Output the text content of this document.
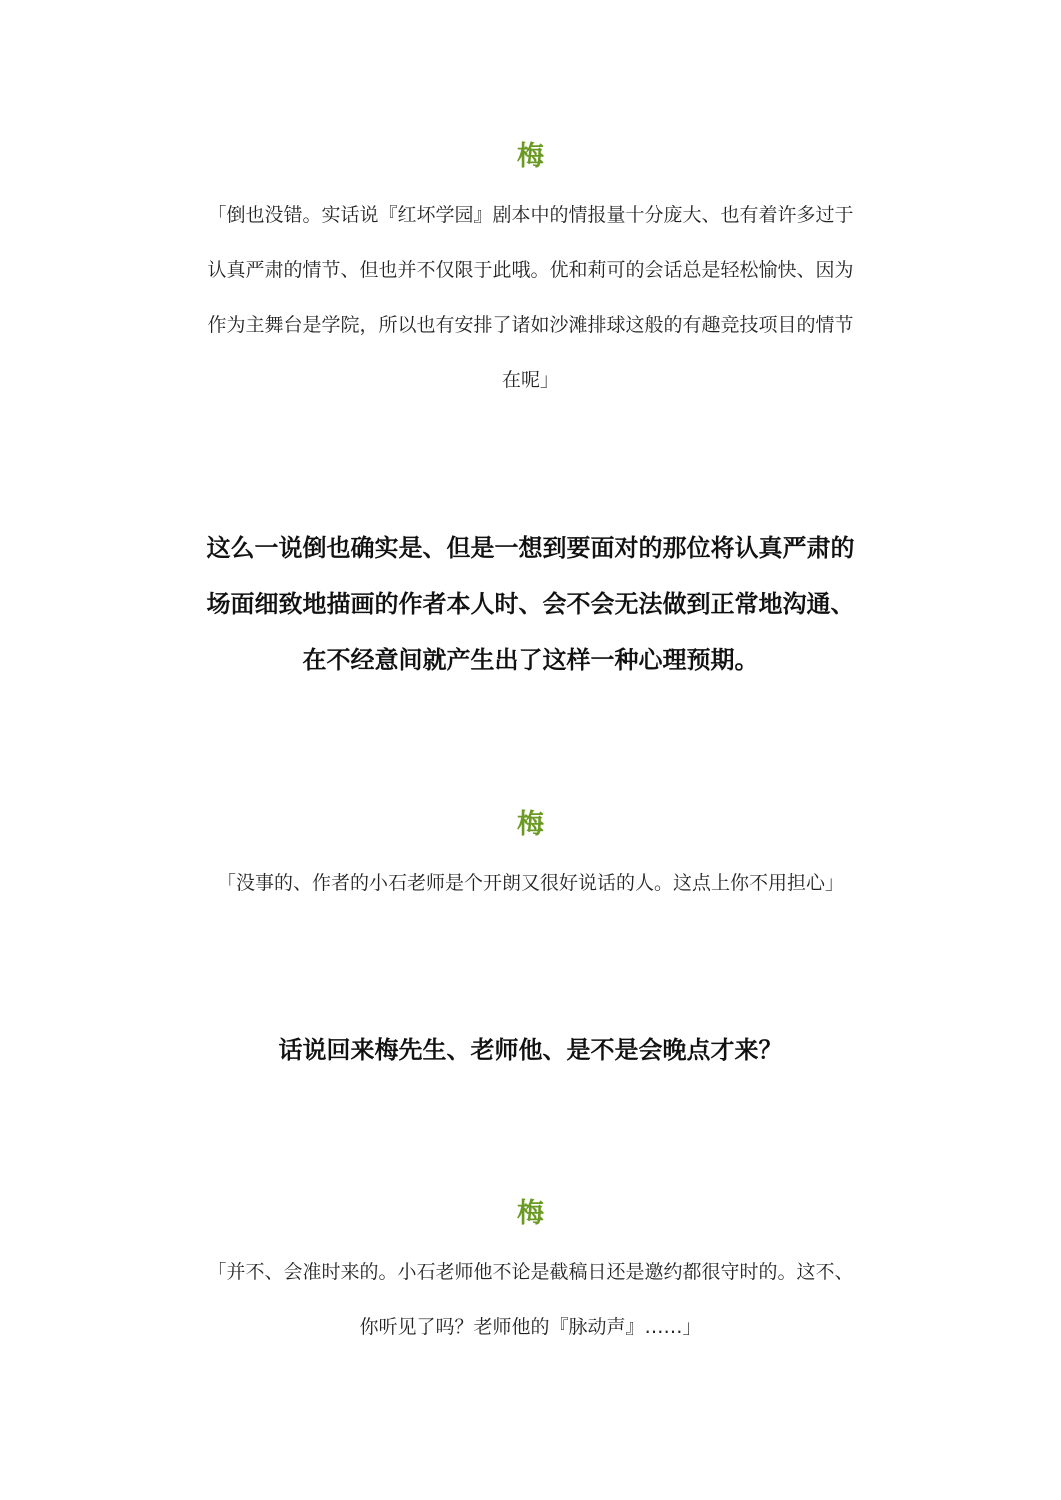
梅

「倒也没错。实话说『红坏学园』剧本中的情报量十分庞大、也有着许多过于
认真严肃的情节、但也并不仅限于此哦。优和莉可的会话总是轻松愉快、因为
作为主舞台是学院，所以也有安排了诸如沙滩排球这般的有趣竞技项目的情节
在呢」

这么一说倒也确实是、但是一想到要面对的那位将认真严肃的
场面细致地描画的作者本人时、会不会无法做到正常地沟通、
在不经意间就产生出了这样一种心理预期。

梅

「没事的、作者的小石老师是个开朗又很好说话的人。这点上你不用担心」

话说回来梅先生、老师他、是不是会晚点才来？

梅

「并不、会准时来的。小石老师他不论是截稿日还是邀约都很守时的。这不、
你听见了吗？老师他的『脉动声』……」
